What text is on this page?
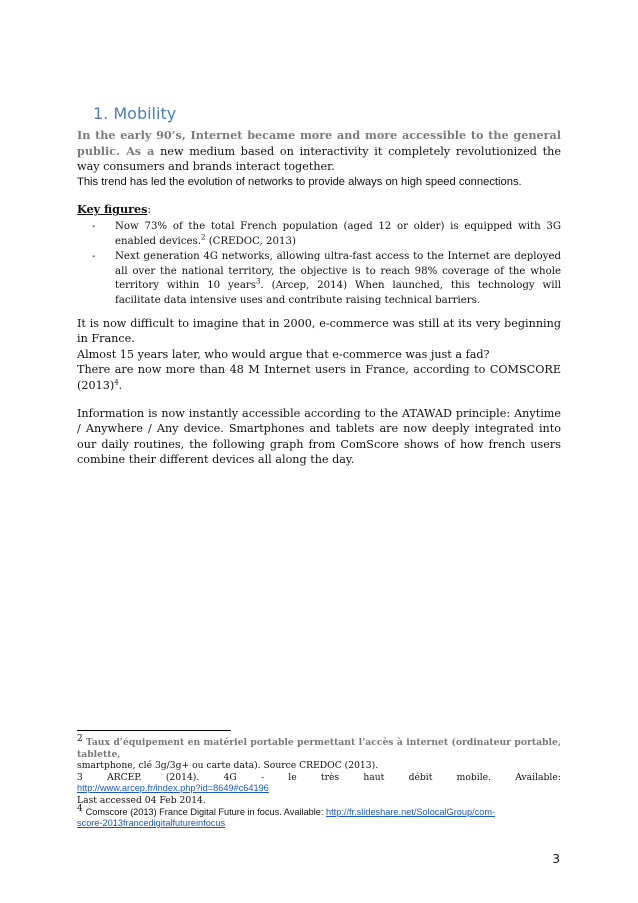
1. Mobility

In the early 90’s, Internet became more and more accessible to the general public. As a new medium based on interactivity it completely revolutionized the way consumers and brands interact together.

This trend has led the evolution of networks to provide always on high speed connections.

Key figures:

- Now 73% of the total French population (aged 12 or older) is equipped with 3G enabled devices.$^2$ (CREDOC, 2013)
- Next generation 4G networks, allowing ultra-fast access to the Internet are deployed all over the national territory, the objective is to reach 98% coverage of the whole territory within 10 years$^3$. (Arcep, 2014) When launched, this technology will facilitate data intensive uses and contribute raising technical barriers.

It is now difficult to imagine that in 2000, e-commerce was still at its very beginning in France.

Almost 15 years later, who would argue that e-commerce was just a fad?

There are now more than 48 M Internet users in France, according to COMSCORE $(2013)^4$.

Information is now instantly accessible according to the ATAWAD principle: Anytime / Anywhere / Any device. Smartphones and tablets are now deeply integrated into our daily routines, the following graph from ComScore shows of how french users combine their different devices all along the day.

$^2$ Taux d’équipement en matériel portable permettant l’accès à internet (ordinateur portable, tablette,

smartphone, clé 3g/3g+ ou carte data). Source CREDOC (2013).

3	ARCEP.	(2014).	4G	-	le	très	haut	débit	mobile.	Available:

http://www.arcep.fr/index.php?id=8649#c64196

Last accessed 04 Feb 2014.

$^4$ Comscore (2013) France Digital Future in focus. Available: http://fr.slideshare.net/SolocalGroup/com-

score-2013francedigitalfutureinfocus

3
